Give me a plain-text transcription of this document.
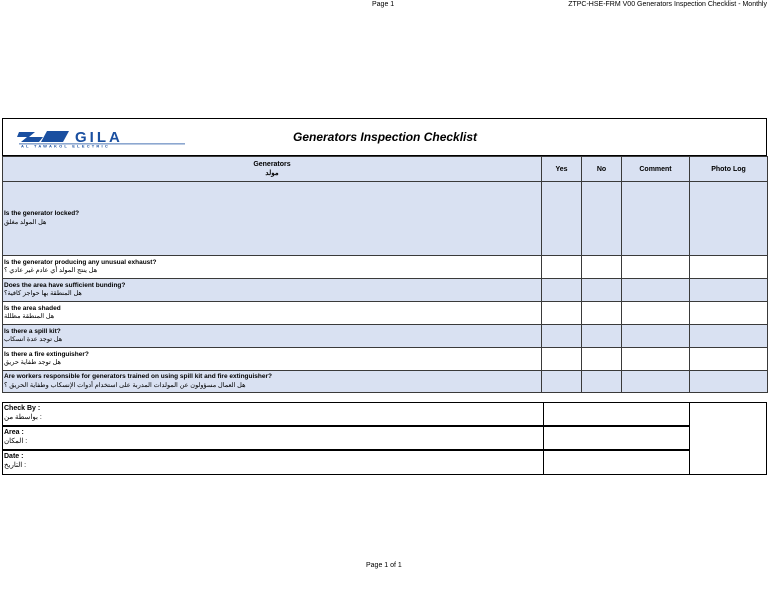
Page 1	ZTPC-HSE-FRM V00 Generators Inspection Checklist - Monthly
GILA
AL TAWAKOL ELECTRIC
Generators Inspection Checklist
Generators
مولد	Yes	No	Comment	Photo Log

Is the generator locked?
هل المولد مغلق				

Is the generator producing any unusual exhaust?
هل ينتج المولد أي عادم غير عادي ؟				

Does the area have sufficient bunding?
هل المنطقة بها حواجز كافية؟				

Is the area shaded
هل المنطقة مظللة				

Is there a spill kit?
هل توجد عدة انسكاب				

Is there a fire extinguisher?
هل توجد طفاية حريق				

Are workers responsible for generators trained on using spill kit and fire extinguisher?
هل العمال مسؤولون عن المولدات المدربة على استخدام أدوات الإنسكاب وطفاية الحريق ؟				

Check By :
بواسطة من :
Area :
المكان :
Date :
التاريخ :
Page 1 of 1
